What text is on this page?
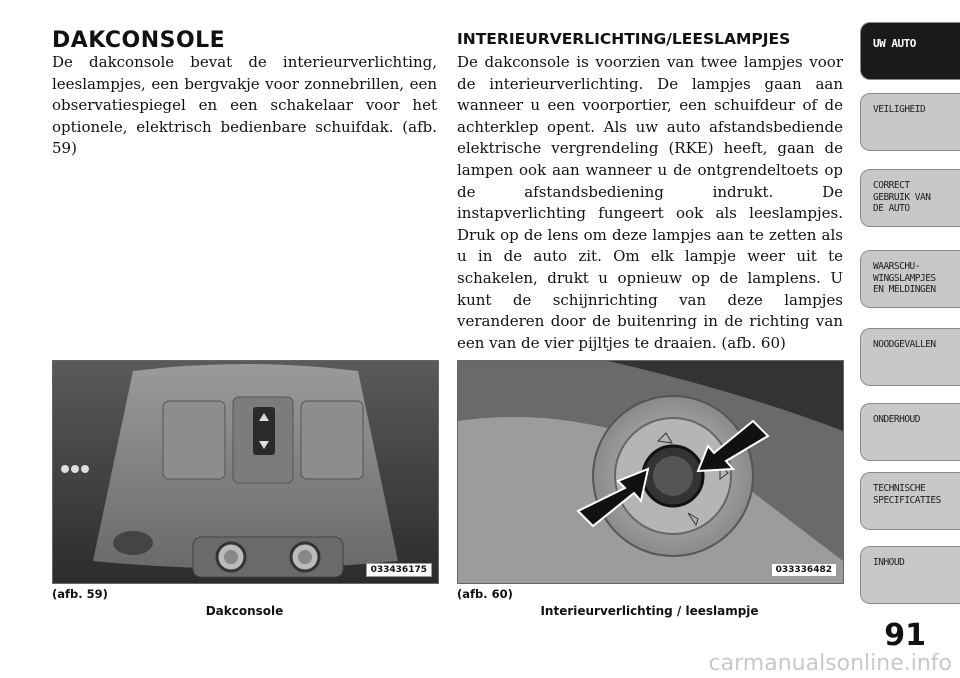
DAKCONSOLE
De dakconsole bevat de interieurverlichting, leeslampjes, een bergvakje voor zonnebrillen, een observatiespiegel en een schakelaar voor het optionele, elektrisch bedienbare schuifdak. (afb. 59)
INTERIEURVERLICHTING/LEESLAMPJES
De dakconsole is voorzien van twee lampjes voor de interieurverlichting. De lampjes gaan aan wanneer u een voorportier, een schuifdeur of de achterklep opent. Als uw auto afstandsbediende elektrische vergrendeling (RKE) heeft, gaan de lampen ook aan wanneer u de ontgrendeltoets op de afstandsbediening indrukt. De instapverlichting fungeert ook als leeslampjes. Druk op de lens om deze lampjes aan te zetten als u in de auto zit. Om elk lampje weer uit te schakelen, drukt u opnieuw op de lamplens. U kunt de schijnrichting van deze lampjes veranderen door de buitenring in de richting van een van de vier pijltjes te draaien. (afb. 60)
033436175	033336482
(afb. 59)
Dakconsole
(afb. 60)
Interieurverlichting / leeslampje
UW AUTO
VEILIGHEID
CORRECT
GEBRUIK VAN
DE AUTO
WAARSCHU-
WINGSLAMPJES
EN MELDINGEN
NOODGEVALLEN
ONDERHOUD
TECHNISCHE
SPECIFICATIES
INHOUD
91
carmanualsonline.info
